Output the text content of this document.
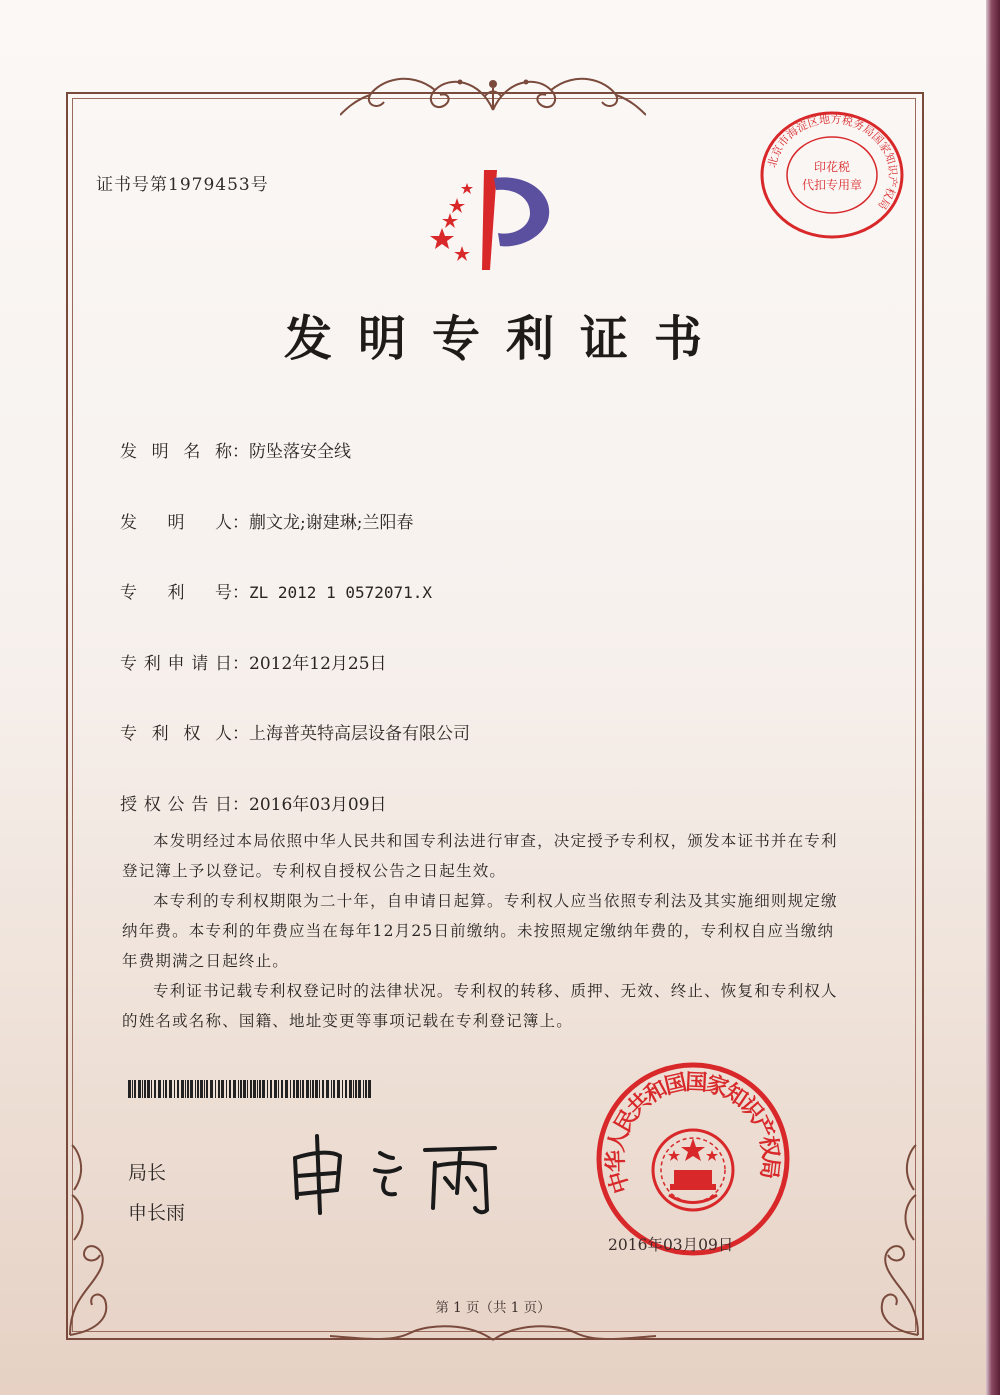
证书号第1979453号
北京市海淀区地方税务局国家知识产权局
印花税
代扣专用章
发明专利证书
发明名称：防坠落安全线
发明人：蒯文龙;谢建琳;兰阳春
专利号：ZL 2012 1 0572071.X
专利申请日：2012年12月25日
专利权人：上海普英特高层设备有限公司
授权公告日：2016年03月09日

本发明经过本局依照中华人民共和国专利法进行审查，决定授予专利权，颁发本证书并在专利登记簿上予以登记。专利权自授权公告之日起生效。

本专利的专利权期限为二十年，自申请日起算。专利权人应当依照专利法及其实施细则规定缴纳年费。本专利的年费应当在每年12月25日前缴纳。未按照规定缴纳年费的，专利权自应当缴纳年费期满之日起终止。

专利证书记载专利权登记时的法律状况。专利权的转移、质押、无效、终止、恢复和专利权人的姓名或名称、国籍、地址变更等事项记载在专利登记簿上。

局长
申长雨
中华人民共和国国家知识产权局
2016年03月09日
第 1 页（共 1 页）
